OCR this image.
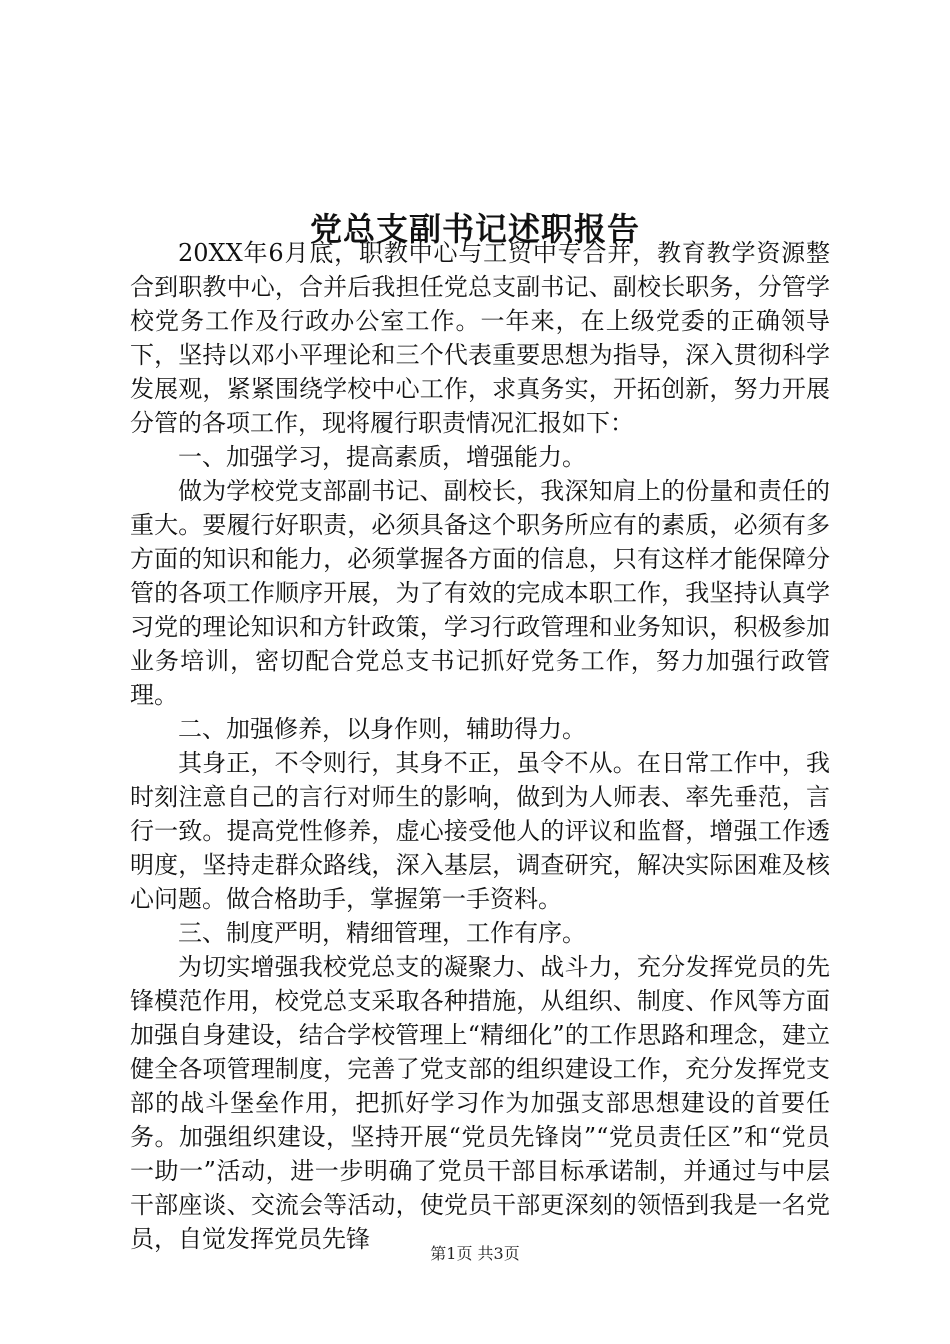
党总支副书记述职报告

20XX年6月底，职教中心与工贸中专合并，教育教学资源整合到职教中心，合并后我担任党总支副书记、副校长职务，分管学校党务工作及行政办公室工作。一年来，在上级党委的正确领导下，坚持以邓小平理论和三个代表重要思想为指导，深入贯彻科学发展观，紧紧围绕学校中心工作，求真务实，开拓创新，努力开展分管的各项工作，现将履行职责情况汇报如下：

一、加强学习，提高素质，增强能力。

做为学校党支部副书记、副校长，我深知肩上的份量和责任的重大。要履行好职责，必须具备这个职务所应有的素质，必须有多方面的知识和能力，必须掌握各方面的信息，只有这样才能保障分管的各项工作顺序开展，为了有效的完成本职工作，我坚持认真学习党的理论知识和方针政策，学习行政管理和业务知识，积极参加业务培训，密切配合党总支书记抓好党务工作，努力加强行政管理。

二、加强修养，以身作则，辅助得力。

其身正，不令则行，其身不正，虽令不从。在日常工作中，我时刻注意自己的言行对师生的影响，做到为人师表、率先垂范，言行一致。提高党性修养，虚心接受他人的评议和监督，增强工作透明度，坚持走群众路线，深入基层，调查研究，解决实际困难及核心问题。做合格助手，掌握第一手资料。

三、制度严明，精细管理，工作有序。

为切实增强我校党总支的凝聚力、战斗力，充分发挥党员的先锋模范作用，校党总支采取各种措施，从组织、制度、作风等方面加强自身建设，结合学校管理上“精细化”的工作思路和理念，建立健全各项管理制度，完善了党支部的组织建设工作，充分发挥党支部的战斗堡垒作用，把抓好学习作为加强支部思想建设的首要任务。加强组织建设，坚持开展“党员先锋岗”“党员责任区”和“党员一助一”活动，进一步明确了党员干部目标承诺制，并通过与中层干部座谈、交流会等活动，使党员干部更深刻的领悟到我是一名党员，自觉发挥党员先锋

第1页 共3页
